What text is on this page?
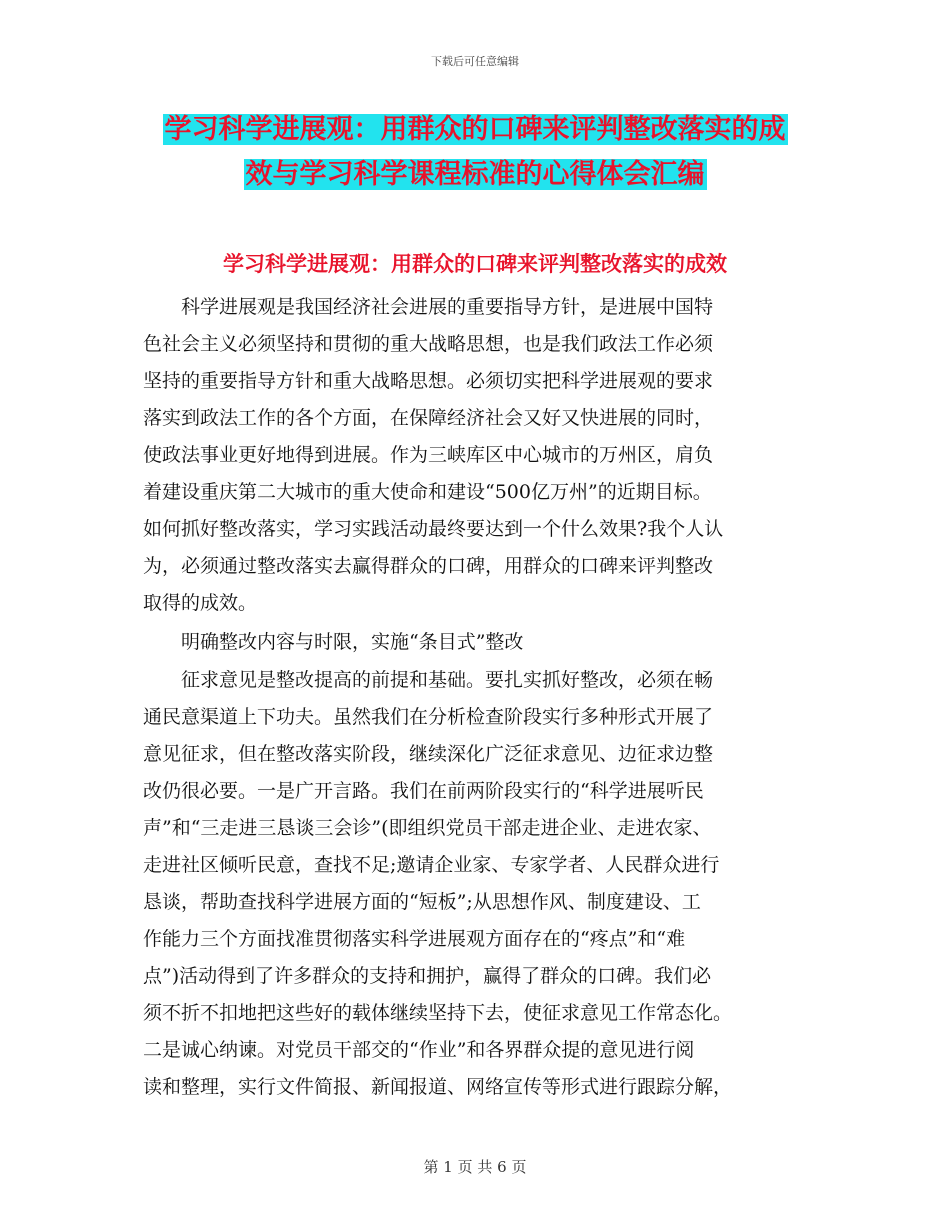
下载后可任意编辑
学习科学进展观：用群众的口碑来评判整改落实的成
效与学习科学课程标准的心得体会汇编
学习科学进展观：用群众的口碑来评判整改落实的成效
　　科学进展观是我国经济社会进展的重要指导方针，是进展中国特
色社会主义必须坚持和贯彻的重大战略思想，也是我们政法工作必须
坚持的重要指导方针和重大战略思想。必须切实把科学进展观的要求
落实到政法工作的各个方面，在保障经济社会又好又快进展的同时，
使政法事业更好地得到进展。作为三峡库区中心城市的万州区，肩负
着建设重庆第二大城市的重大使命和建设“500亿万州”的近期目标。
如何抓好整改落实，学习实践活动最终要达到一个什么效果?我个人认
为，必须通过整改落实去赢得群众的口碑，用群众的口碑来评判整改
取得的成效。
　　明确整改内容与时限，实施“条目式”整改
　　征求意见是整改提高的前提和基础。要扎实抓好整改，必须在畅
通民意渠道上下功夫。虽然我们在分析检查阶段实行多种形式开展了
意见征求，但在整改落实阶段，继续深化广泛征求意见、边征求边整
改仍很必要。一是广开言路。我们在前两阶段实行的“科学进展听民
声”和“三走进三恳谈三会诊”(即组织党员干部走进企业、走进农家、
走进社区倾听民意，查找不足;邀请企业家、专家学者、人民群众进行
恳谈，帮助查找科学进展方面的“短板”;从思想作风、制度建设、工
作能力三个方面找准贯彻落实科学进展观方面存在的“疼点”和“难
点”)活动得到了许多群众的支持和拥护，赢得了群众的口碑。我们必
须不折不扣地把这些好的载体继续坚持下去，使征求意见工作常态化。
二是诚心纳谏。对党员干部交的“作业”和各界群众提的意见进行阅
读和整理，实行文件简报、新闻报道、网络宣传等形式进行跟踪分解，
第 1 页 共 6 页
